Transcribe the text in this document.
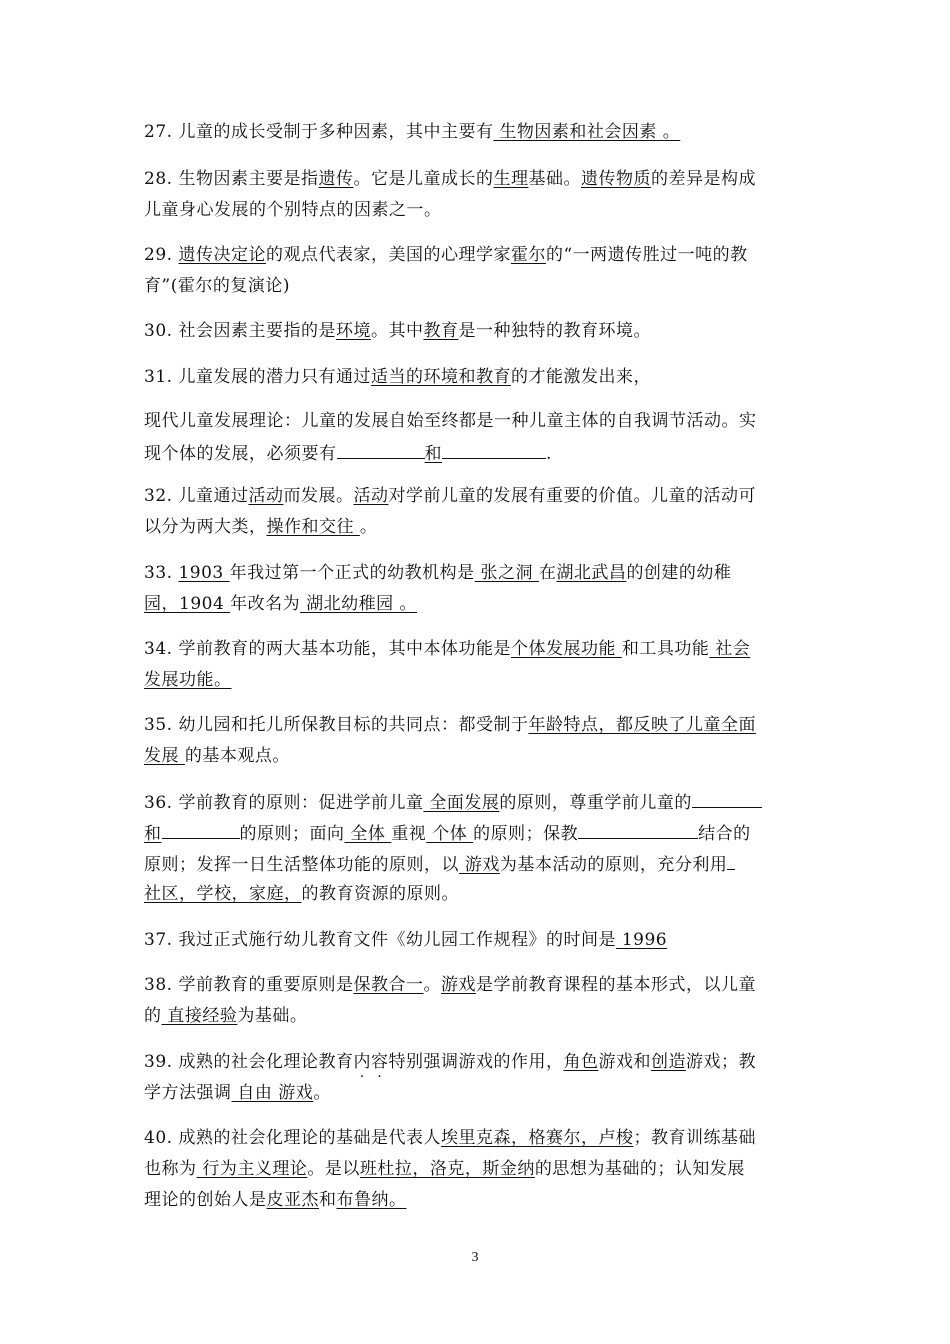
27. 儿童的成长受制于多种因素，其中主要有 生物因素和社会因素 。
28. 生物因素主要是指遗传。它是儿童成长的生理基础。遗传物质的差异是构成
儿童身心发展的个别特点的因素之一。
29. 遗传决定论的观点代表家，美国的心理学家霍尔的“一两遗传胜过一吨的教
育”(霍尔的复演论)
30. 社会因素主要指的是环境。其中教育是一种独特的教育环境。
31. 儿童发展的潜力只有通过适当的环境和教育的才能激发出来，
现代儿童发展理论：儿童的发展自始至终都是一种儿童主体的自我调节活动。实
现个体的发展，必须要有	和	.
32. 儿童通过活动而发展。活动对学前儿童的发展有重要的价值。儿童的活动可
以分为两大类，操作和交往 。
33. 1903 年我过第一个正式的幼教机构是 张之洞 在湖北武昌的创建的幼稚
园，1904 年改名为 湖北幼稚园 。
34. 学前教育的两大基本功能，其中本体功能是个体发展功能 和工具功能 社会
发展功能。
35. 幼儿园和托儿所保教目标的共同点：都受制于年龄特点，都反映了儿童全面
发展 的基本观点。
36. 学前教育的原则：促进学前儿童 全面发展的原则，尊重学前儿童的
和	的原则；面向 全体 重视 个体 的原则；保教	结合的
原则；发挥一日生活整体功能的原则，以 游戏为基本活动的原则，充分利用
社区，学校，家庭，的教育资源的原则。
37. 我过正式施行幼儿教育文件《幼儿园工作规程》的时间是 1996
38. 学前教育的重要原则是保教合一。游戏是学前教育课程的基本形式，以儿童
的 直接经验为基础。
39. 成熟的社会化理论教育内容特别强调游戏的作用，角色游戏和创造游戏；教
学方法强调 自由 游戏。
40. 成熟的社会化理论的基础是代表人埃里克森，格赛尔，卢梭；教育训练基础
也称为 行为主义理论。是以班杜拉，洛克，斯金纳的思想为基础的；认知发展
理论的创始人是皮亚杰和布鲁纳。
3
